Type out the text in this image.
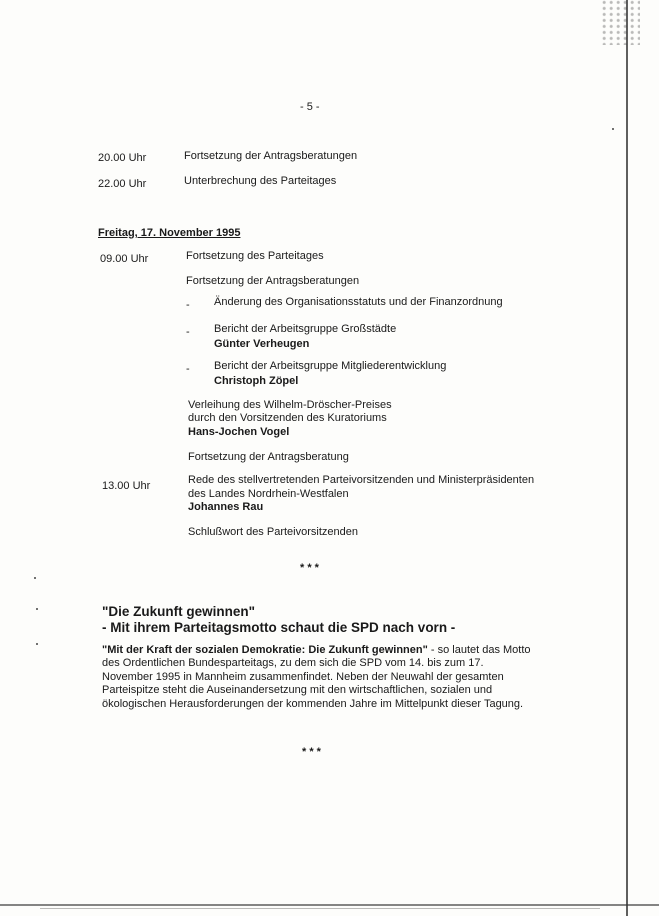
- 5 -
20.00 Uhr	Fortsetzung der Antragsberatungen
22.00 Uhr	Unterbrechung des Parteitages
Freitag, 17. November 1995
09.00 Uhr	Fortsetzung des Parteitages
Fortsetzung der Antragsberatungen
- Änderung des Organisationsstatuts und der Finanzordnung
- Bericht der Arbeitsgruppe Großstädte
Günter Verheugen
- Bericht der Arbeitsgruppe Mitgliederentwicklung
Christoph Zöpel
Verleihung des Wilhelm-Dröscher-Preises
durch den Vorsitzenden des Kuratoriums
Hans-Jochen Vogel
Fortsetzung der Antragsberatung
13.00 Uhr	Rede des stellvertretenden Parteivorsitzenden und Ministerpräsidenten
des Landes Nordrhein-Westfalen
Johannes Rau
Schlußwort des Parteivorsitzenden
* * *
"Die Zukunft gewinnen"
- Mit ihrem Parteitagsmotto schaut die SPD nach vorn -
"Mit der Kraft der sozialen Demokratie: Die Zukunft gewinnen" - so lautet das Motto des Ordentlichen Bundesparteitags, zu dem sich die SPD vom 14. bis zum 17. November 1995 in Mannheim zusammenfindet. Neben der Neuwahl der gesamten Parteispitze steht die Auseinandersetzung mit den wirtschaftlichen, sozialen und ökologischen Herausforderungen der kommenden Jahre im Mittelpunkt dieser Tagung.
* * *
